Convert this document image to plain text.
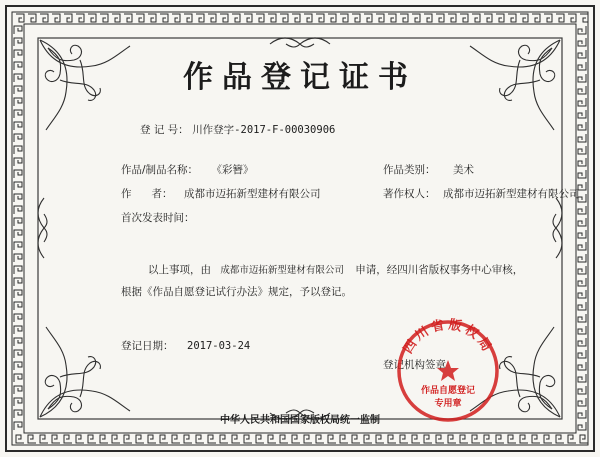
作品登记证书
登 记 号： 川作登字-2017-F-00030906
作品/制品名称： 《彩簪》	作品类别： 美术
作      者： 成都市迈拓新型建材有限公司	著作权人： 成都市迈拓新型建材有限公司
首次发表时间：
以上事项，由 成都市迈拓新型建材有限公司 申请，经四川省版权事务中心审核，
根据《作品自愿登记试行办法》规定，予以登记。
登记日期： 2017-03-24
登记机构签章
四川省版权局
作品自愿登记
专用章
中华人民共和国国家版权局统一监制
